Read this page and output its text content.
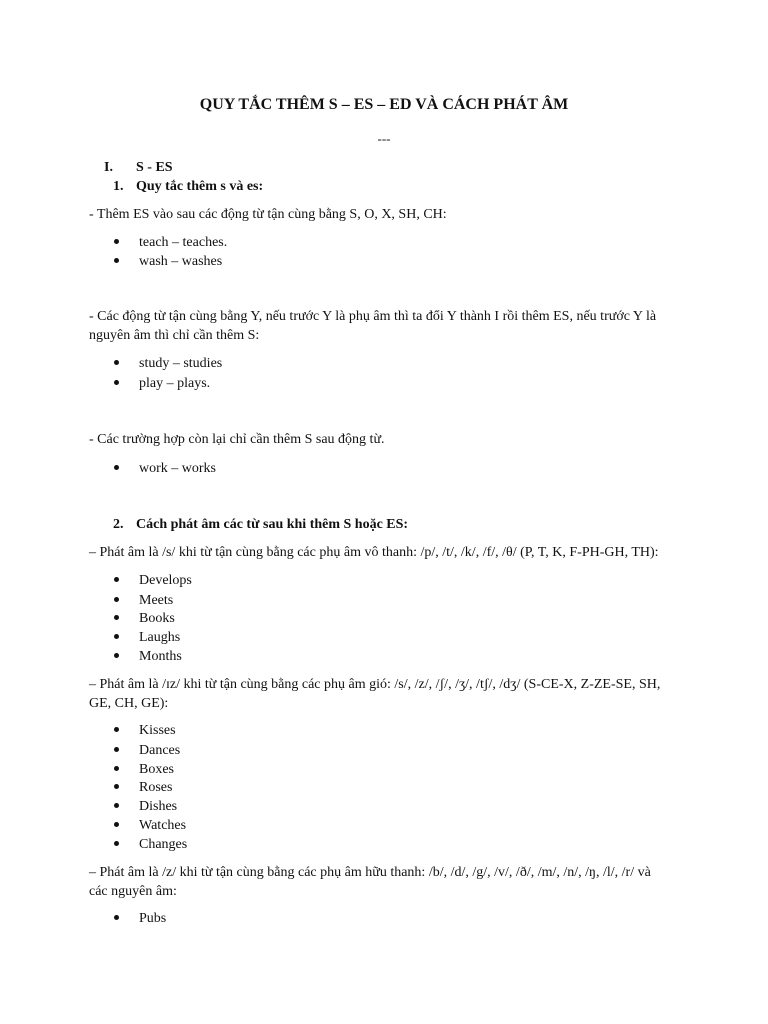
QUY TẮC THÊM S – ES – ED VÀ CÁCH PHÁT ÂM
---
I. S - ES
1. Quy tắc thêm s và es:
- Thêm ES vào sau các động từ tận cùng bằng S, O, X, SH, CH:
teach – teaches.
wash – washes
- Các động từ tận cùng bằng Y, nếu trước Y là phụ âm thì ta đổi Y thành I rồi thêm ES, nếu trước Y là nguyên âm thì chỉ cần thêm S:
study – studies
play – plays.
- Các trường hợp còn lại chỉ cần thêm S sau động từ.
work – works
2. Cách phát âm các từ sau khi thêm S hoặc ES:
– Phát âm là /s/ khi từ tận cùng bằng các phụ âm vô thanh: /p/, /t/, /k/, /f/, /θ/ (P, T, K, F-PH-GH, TH):
Develops
Meets
Books
Laughs
Months
– Phát âm là /ɪz/ khi từ tận cùng bằng các phụ âm gió: /s/, /z/, /ʃ/, /ʒ/, /tʃ/, /dʒ/ (S-CE-X, Z-ZE-SE, SH, GE, CH, GE):
Kisses
Dances
Boxes
Roses
Dishes
Watches
Changes
– Phát âm là /z/ khi từ tận cùng bằng các phụ âm hữu thanh: /b/, /d/, /g/, /v/, /ð/, /m/, /n/, /ŋ, /l/, /r/ và các nguyên âm:
Pubs
